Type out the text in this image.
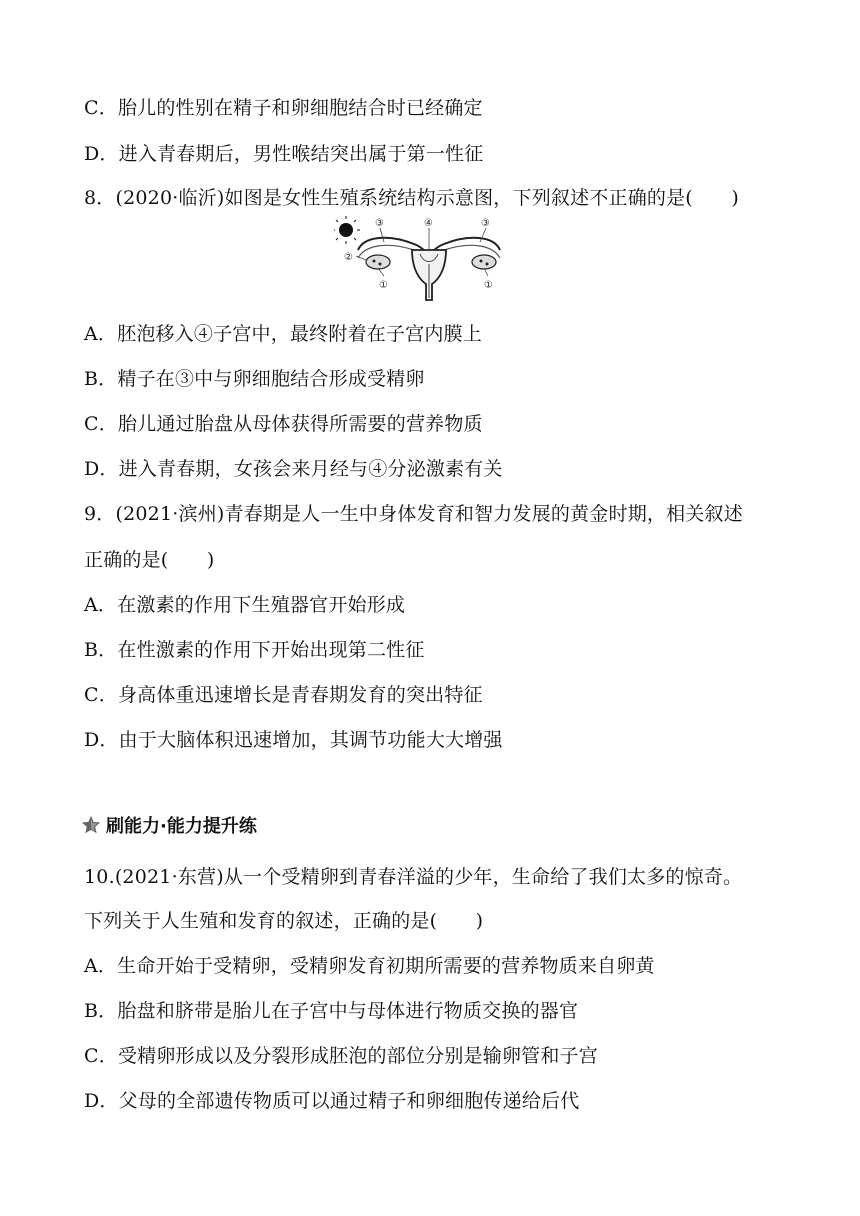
C．胎儿的性别在精子和卵细胞结合时已经确定
D．进入青春期后，男性喉结突出属于第一性征
8．(2020·临沂)如图是女性生殖系统结构示意图，下列叙述不正确的是(　　)
③	④	③
②
①	①
A．胚泡移入④子宫中，最终附着在子宫内膜上
B．精子在③中与卵细胞结合形成受精卵
C．胎儿通过胎盘从母体获得所需要的营养物质
D．进入青春期，女孩会来月经与④分泌激素有关
9．(2021·滨州)青春期是人一生中身体发育和智力发展的黄金时期，相关叙述
正确的是(　　)
A．在激素的作用下生殖器官开始形成
B．在性激素的作用下开始出现第二性征
C．身高体重迅速增长是青春期发育的突出特征
D．由于大脑体积迅速增加，其调节功能大大增强
刷能力·能力提升练
10.(2021·东营)从一个受精卵到青春洋溢的少年，生命给了我们太多的惊奇。
下列关于人生殖和发育的叙述，正确的是(　　)
A．生命开始于受精卵，受精卵发育初期所需要的营养物质来自卵黄
B．胎盘和脐带是胎儿在子宫中与母体进行物质交换的器官
C．受精卵形成以及分裂形成胚泡的部位分别是输卵管和子宫
D．父母的全部遗传物质可以通过精子和卵细胞传递给后代
